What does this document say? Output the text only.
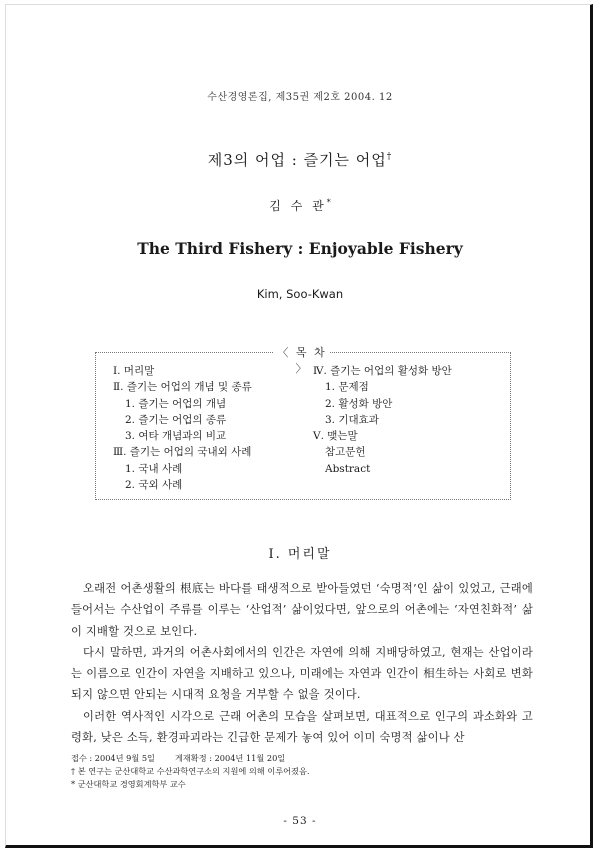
수산경영론집, 제35권 제2호 2004. 12
제3의 어업 : 즐기는 어업†
김 수 관*
The Third Fishery : Enjoyable Fishery
Kim, Soo-Kwan
〈 목 차 〉
Ⅰ. 머리말
Ⅱ. 즐기는 어업의 개념 및 종류
1. 즐기는 어업의 개념
2. 즐기는 어업의 종류
3. 여타 개념과의 비교
Ⅲ. 즐기는 어업의 국내외 사례
1. 국내 사례
2. 국외 사례
Ⅳ. 즐기는 어업의 활성화 방안
1. 문제점
2. 활성화 방안
3. 기대효과
Ⅴ. 맺는말
참고문헌
Abstract
Ⅰ. 머리말

오래전 어촌생활의 根底는 바다를 태생적으로 받아들였던 ‘숙명적’인 삶이 있었고, 근래에 들어서는 수산업이 주류를 이루는 ‘산업적’ 삶이었다면, 앞으로의 어촌에는 ‘자연친화적’ 삶이 지배할 것으로 보인다.

다시 말하면, 과거의 어촌사회에서의 인간은 자연에 의해 지배당하였고, 현재는 산업이라는 이름으로 인간이 자연을 지배하고 있으나, 미래에는 자연과 인간이 相生하는 사회로 변화되지 않으면 안되는 시대적 요청을 거부할 수 없을 것이다.

이러한 역사적인 시각으로 근래 어촌의 모습을 살펴보면, 대표적으로 인구의 과소화와 고령화, 낮은 소득, 환경파괴라는 긴급한 문제가 놓여 있어 이미 숙명적 삶이나 산

접수 : 2004년 9월 5일 게재확정 : 2004년 11월 20일
† 본 연구는 군산대학교 수산과학연구소의 지원에 의해 이루어졌음.
* 군산대학교 경영회계학부 교수
- 53 -
